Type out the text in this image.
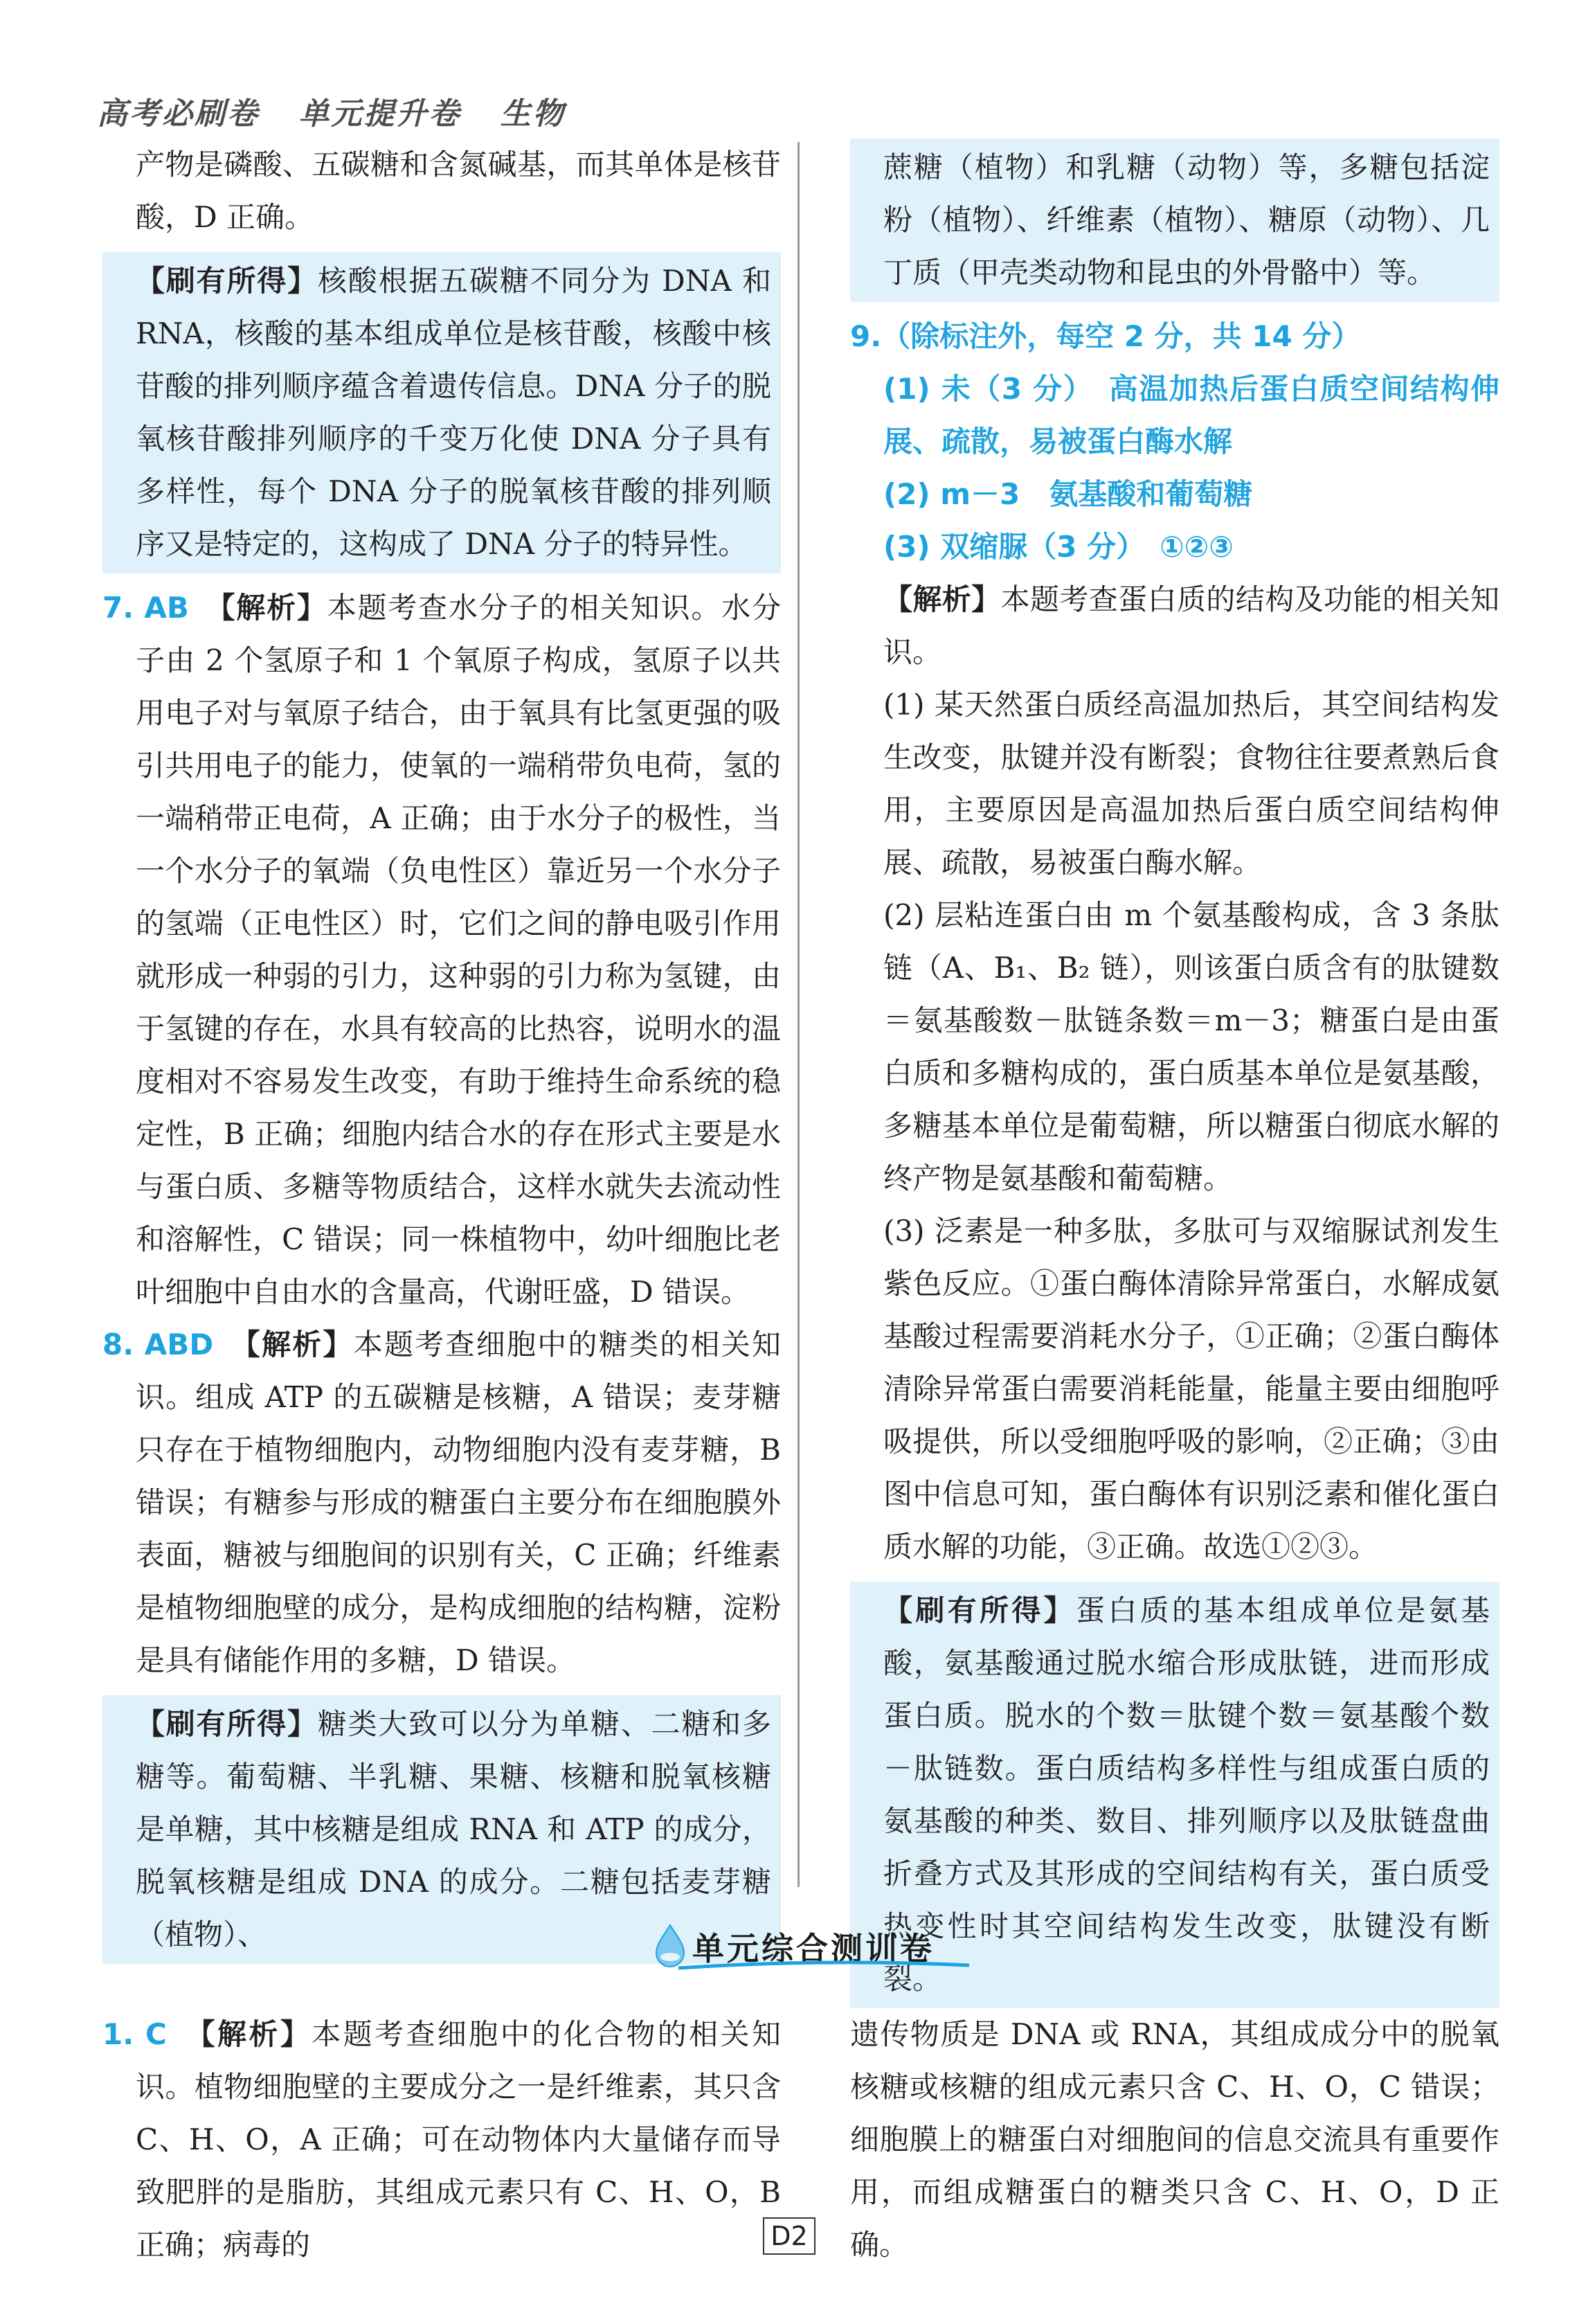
高考必刷卷 单元提升卷 生物

产物是磷酸、五碳糖和含氮碱基，而其单体是核苷酸，D 正确。

【刷有所得】核酸根据五碳糖不同分为 DNA 和 RNA，核酸的基本组成单位是核苷酸，核酸中核苷酸的排列顺序蕴含着遗传信息。DNA 分子的脱氧核苷酸排列顺序的千变万化使 DNA 分子具有多样性，每个 DNA 分子的脱氧核苷酸的排列顺序又是特定的，这构成了 DNA 分子的特异性。

7. AB　 【解析】本题考查水分子的相关知识。水分子由 2 个氢原子和 1 个氧原子构成，氢原子以共用电子对与氧原子结合，由于氧具有比氢更强的吸引共用电子的能力，使氧的一端稍带负电荷，氢的一端稍带正电荷，A 正确；由于水分子的极性，当一个水分子的氧端（负电性区）靠近另一个水分子的氢端（正电性区）时，它们之间的静电吸引作用就形成一种弱的引力，这种弱的引力称为氢键，由于氢键的存在，水具有较高的比热容，说明水的温度相对不容易发生改变，有助于维持生命系统的稳定性，B 正确；细胞内结合水的存在形式主要是水与蛋白质、多糖等物质结合，这样水就失去流动性和溶解性，C 错误；同一株植物中，幼叶细胞比老叶细胞中自由水的含量高，代谢旺盛，D 错误。

8. ABD　 【解析】本题考查细胞中的糖类的相关知识。组成 ATP 的五碳糖是核糖，A 错误；麦芽糖只存在于植物细胞内，动物细胞内没有麦芽糖，B 错误；有糖参与形成的糖蛋白主要分布在细胞膜外表面，糖被与细胞间的识别有关，C 正确；纤维素是植物细胞壁的成分，是构成细胞的结构糖，淀粉是具有储能作用的多糖，D 错误。

【刷有所得】糖类大致可以分为单糖、二糖和多糖等。葡萄糖、半乳糖、果糖、核糖和脱氧核糖是单糖，其中核糖是组成 RNA 和 ATP 的成分，脱氧核糖是组成 DNA 的成分。二糖包括麦芽糖（植物）、

蔗糖（植物）和乳糖（动物）等，多糖包括淀粉（植物）、纤维素（植物）、糖原（动物）、几丁质（甲壳类动物和昆虫的外骨骼中）等。

9.（除标注外，每空 2 分，共 14 分）

(1) 未（3 分）　高温加热后蛋白质空间结构伸展、疏散，易被蛋白酶水解

(2) m－3　氨基酸和葡萄糖

(3) 双缩脲（3 分）　①②③

【解析】本题考查蛋白质的结构及功能的相关知识。

(1) 某天然蛋白质经高温加热后，其空间结构发生改变，肽键并没有断裂；食物往往要煮熟后食用，主要原因是高温加热后蛋白质空间结构伸展、疏散，易被蛋白酶水解。

(2) 层粘连蛋白由 m 个氨基酸构成，含 3 条肽链（A、B₁、B₂ 链），则该蛋白质含有的肽键数＝氨基酸数－肽链条数＝m－3；糖蛋白是由蛋白质和多糖构成的，蛋白质基本单位是氨基酸，多糖基本单位是葡萄糖，所以糖蛋白彻底水解的终产物是氨基酸和葡萄糖。

(3) 泛素是一种多肽，多肽可与双缩脲试剂发生紫色反应。①蛋白酶体清除异常蛋白，水解成氨基酸过程需要消耗水分子，①正确；②蛋白酶体清除异常蛋白需要消耗能量，能量主要由细胞呼吸提供，所以受细胞呼吸的影响，②正确；③由图中信息可知，蛋白酶体有识别泛素和催化蛋白质水解的功能，③正确。故选①②③。

【刷有所得】蛋白质的基本组成单位是氨基酸，氨基酸通过脱水缩合形成肽链，进而形成蛋白质。脱水的个数＝肽键个数＝氨基酸个数－肽链数。蛋白质结构多样性与组成蛋白质的氨基酸的种类、数目、排列顺序以及肽链盘曲折叠方式及其形成的空间结构有关，蛋白质受热变性时其空间结构发生改变，肽键没有断裂。

单元综合测训卷

1. C　 【解析】本题考查细胞中的化合物的相关知识。植物细胞壁的主要成分之一是纤维素，其只含 C、H、O，A 正确；可在动物体内大量储存而导致肥胖的是脂肪，其组成元素只有 C、H、O，B 正确；病毒的

遗传物质是 DNA 或 RNA，其组成成分中的脱氧核糖或核糖的组成元素只含 C、H、O，C 错误；细胞膜上的糖蛋白对细胞间的信息交流具有重要作用，而组成糖蛋白的糖类只含 C、H、O，D 正确。

D2
